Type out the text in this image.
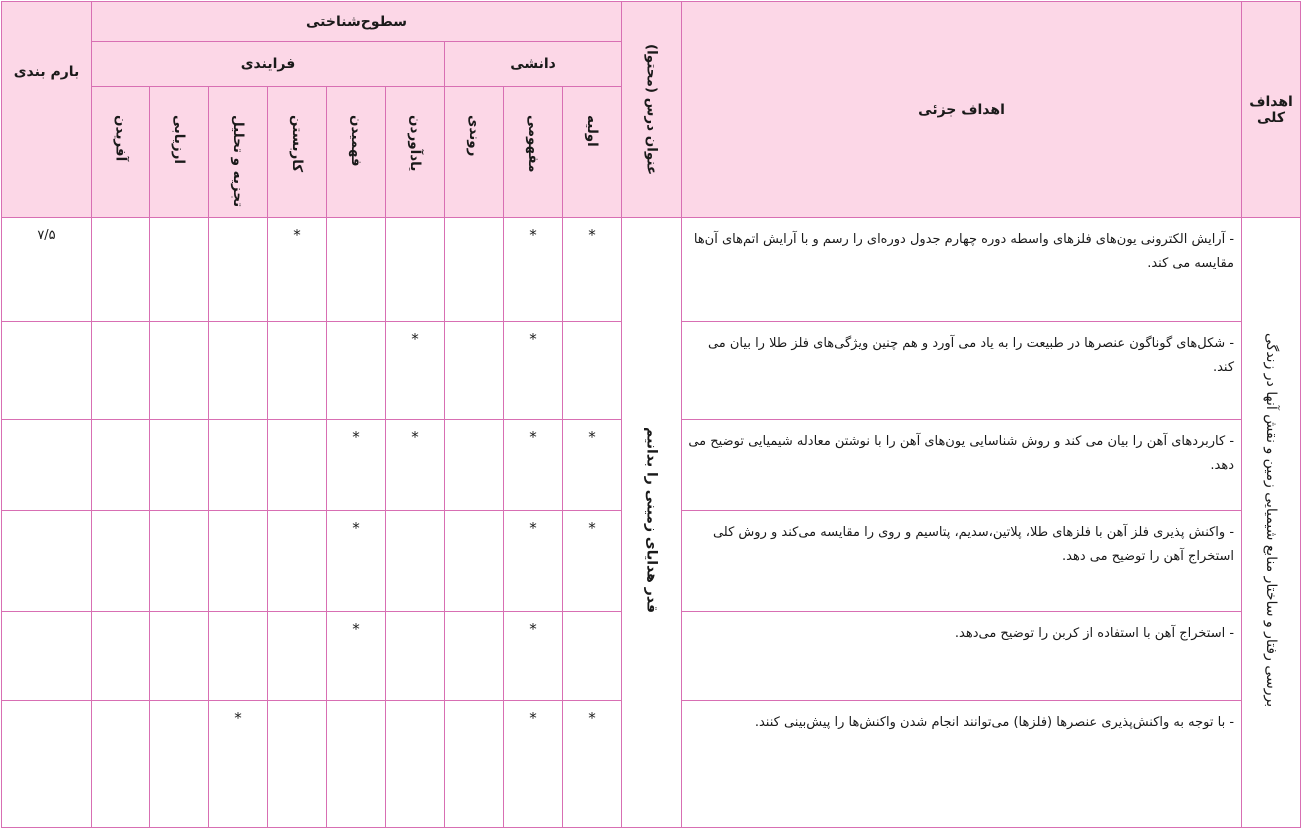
اهداف کلی	اهداف جزئی	عنوان درس (محتوا)	سطوح‌شناختی									بارم بندی
			دانشی			فرایندی						
			اولیه	مفهومی	روندی	یادآوردن	فهمیدن	کاربستن	تجزیه و تحلیل	ارزیابی	آفریدن	
بررسی رفتار و ساختار منابع شیمیایی زمین و نقش آنها در زندگی	- آرایش الکترونی یون‌های فلزهای واسطه دوره چهارم جدول دوره‌ای را رسم و با آرایش اتم‌های آن‌ها مقایسه می کند.	قدر هدایای زمینی را بدانیم	*	*				*				۷/۵
	- شکل‌های گوناگون عنصرها در طبیعت را به یاد می آورد و هم چنین ویژگی‌های فلز طلا را بیان می کند.			*		*						
	- کاربردهای آهن را بیان می کند و روش شناسایی یون‌های آهن را با نوشتن معادله شیمیایی توضیح می دهد.		*	*		*	*					
	- واکنش پذیری فلز آهن با فلزهای طلا، پلاتین،سدیم، پتاسیم و روی را مقایسه می‌کند و روش کلی استخراج آهن را توضیح می دهد.		*	*			*					
	- استخراج آهن با استفاده از کربن را توضیح می‌دهد.			*			*					
	- با توجه به واکنش‌پذیری عنصرها (فلزها) می‌توانند انجام شدن واکنش‌ها را پیش‌بینی کنند.		*	*					*			
